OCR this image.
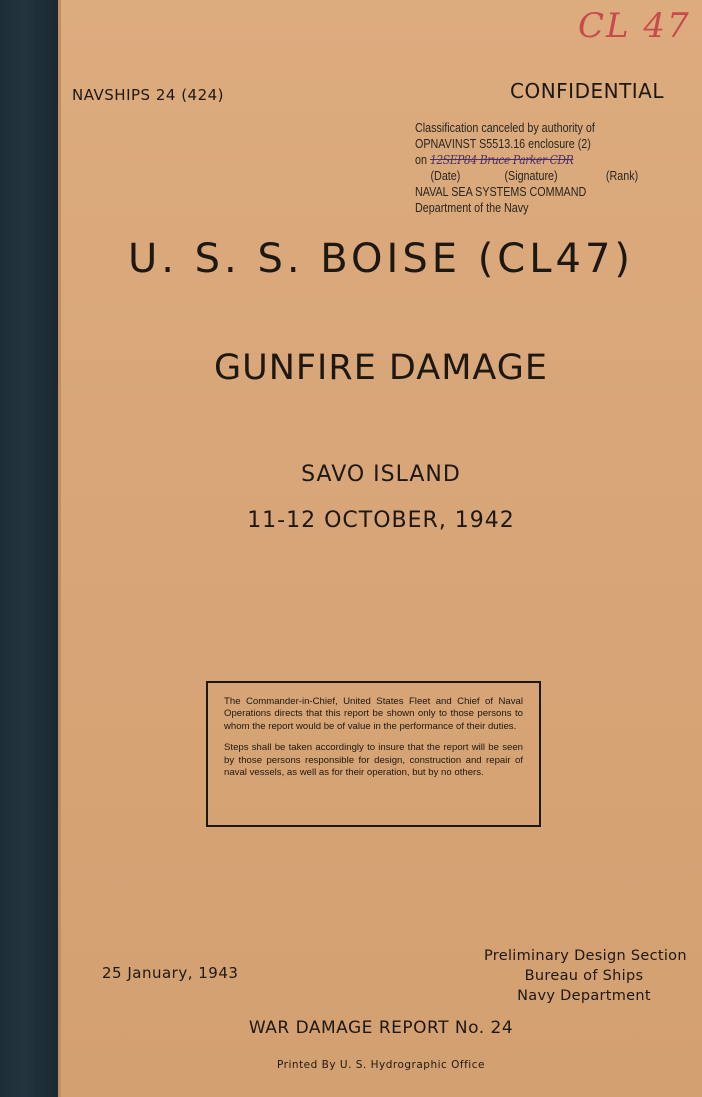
CL 47
NAVSHIPS 24 (424)	CONFIDENTIAL
Classification canceled by authority of
OPNAVINST S5513.16 enclosure (2)
on 12SEP84 Bruce Parker CDR
(Date)	(Signature)	(Rank)
NAVAL SEA SYSTEMS COMMAND
Department of the Navy
U. S. S. BOISE (CL47)
GUNFIRE DAMAGE
SAVO ISLAND
11-12 OCTOBER, 1942

The Commander-in-Chief, United States Fleet and Chief of Naval Operations directs that this report be shown only to those persons to whom the report would be of value in the performance of their duties.

Steps shall be taken accordingly to insure that the report will be seen by those persons responsible for design, construction and repair of naval vessels, as well as for their operation, but by no others.

25 January, 1943
Preliminary Design Section
Bureau of Ships
Navy Department
WAR DAMAGE REPORT No. 24
Printed By U. S. Hydrographic Office
